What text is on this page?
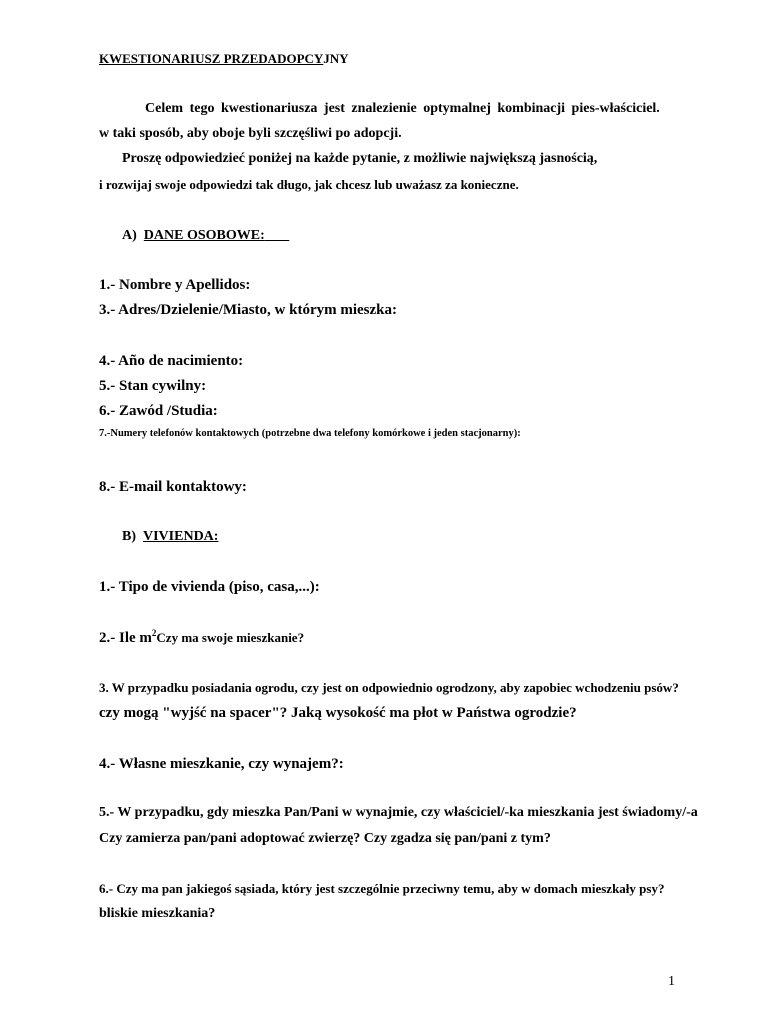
KWESTIONARIUSZ PRZEDADOPCYJNY
Celem tego kwestionariusza jest znalezienie optymalnej kombinacji pies-właściciel.
w taki sposób, aby oboje byli szczęśliwi po adopcji.
Proszę odpowiedzieć poniżej na każde pytanie, z możliwie największą jasnością,
i rozwijaj swoje odpowiedzi tak długo, jak chcesz lub uważasz za konieczne.
A) DANE OSOBOWE:
1.- Nombre y Apellidos:
3.- Adres/Dzielenie/Miasto, w którym mieszka:
4.- Año de nacimiento:
5.- Stan cywilny:
6.- Zawód /Studia:
7.-Numery telefonów kontaktowych (potrzebne dwa telefony komórkowe i jeden stacjonarny):
8.- E-mail kontaktowy:
B) VIVIENDA:
1.- Tipo de vivienda (piso, casa,...):
2.- Ile $m^2Czy$ ma swoje mieszkanie?
3. W przypadku posiadania ogrodu, czy jest on odpowiednio ogrodzony, aby zapobiec wchodzeniu psów?
czy mogą "wyjść na spacer"? Jaką wysokość ma płot w Państwa ogrodzie?
4.- Własne mieszkanie, czy wynajem?:
5.- W przypadku, gdy mieszka Pan/Pani w wynajmie, czy właściciel/-ka mieszkania jest świadomy/-a
Czy zamierza pan/pani adoptować zwierzę? Czy zgadza się pan/pani z tym?
6.- Czy ma pan jakiegoś sąsiada, który jest szczególnie przeciwny temu, aby w domach mieszkały psy?
bliskie mieszkania?
1
